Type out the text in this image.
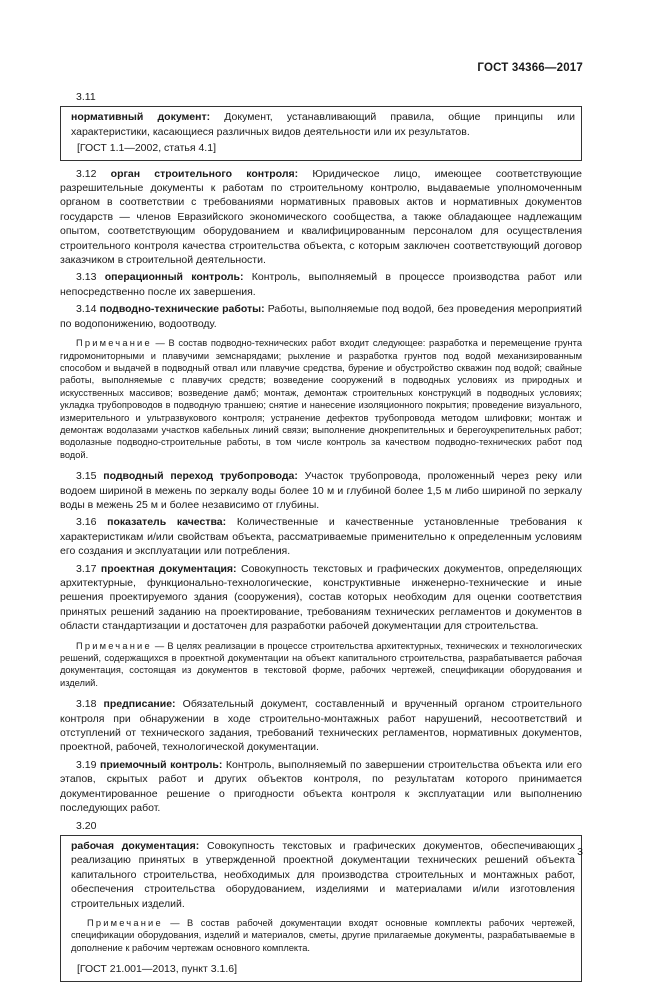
ГОСТ 34366—2017

3.11

нормативный документ: Документ, устанавливающий правила, общие принципы или характеристики, касающиеся различных видов деятельности или их результатов.

[ГОСТ 1.1—2002, статья 4.1]

3.12 орган строительного контроля: Юридическое лицо, имеющее соответствующие разрешительные документы к работам по строительному контролю, выдаваемые уполномоченным органом в соответствии с требованиями нормативных правовых актов и нормативных документов государств — членов Евразийского экономического сообщества, а также обладающее надлежащим опытом, соответствующим оборудованием и квалифицированным персоналом для осуществления строительного контроля качества строительства объекта, с которым заключен соответствующий договор заказчиком в строительной деятельности.

3.13 операционный контроль: Контроль, выполняемый в процессе производства работ или непосредственно после их завершения.

3.14 подводно-технические работы: Работы, выполняемые под водой, без проведения мероприятий по водопонижению, водоотводу.

Примечание — В состав подводно-технических работ входит следующее: разработка и перемещение грунта гидромониторными и плавучими земснарядами; рыхление и разработка грунтов под водой механизированным способом и выдачей в подводный отвал или плавучие средства, бурение и обустройство скважин под водой; свайные работы, выполняемые с плавучих средств; возведение сооружений в подводных условиях из природных и искусственных массивов; возведение дамб; монтаж, демонтаж строительных конструкций в подводных условиях; укладка трубопроводов в подводную траншею; снятие и нанесение изоляционного покрытия; проведение визуального, измерительного и ультразвукового контроля; устранение дефектов трубопровода методом шлифовки; монтаж и демонтаж водолазами участков кабельных линий связи; выполнение днокрепительных и берегоукрепительных работ; водолазные подводно-строительные работы, в том числе контроль за качеством подводно-технических работ под водой.

3.15 подводный переход трубопровода: Участок трубопровода, проложенный через реку или водоем шириной в межень по зеркалу воды более 10 м и глубиной более 1,5 м либо шириной по зеркалу воды в межень 25 м и более независимо от глубины.

3.16 показатель качества: Количественные и качественные установленные требования к характеристикам и/или свойствам объекта, рассматриваемые применительно к определенным условиям его создания и эксплуатации или потребления.

3.17 проектная документация: Совокупность текстовых и графических документов, определяющих архитектурные, функционально-технологические, конструктивные инженерно-технические и иные решения проектируемого здания (сооружения), состав которых необходим для оценки соответствия принятых решений заданию на проектирование, требованиям технических регламентов и документов в области стандартизации и достаточен для разработки рабочей документации для строительства.

Примечание — В целях реализации в процессе строительства архитектурных, технических и технологических решений, содержащихся в проектной документации на объект капитального строительства, разрабатывается рабочая документация, состоящая из документов в текстовой форме, рабочих чертежей, спецификации оборудования и изделий.

3.18 предписание: Обязательный документ, составленный и врученный органом строительного контроля при обнаружении в ходе строительно-монтажных работ нарушений, несоответствий и отступлений от технического задания, требований технических регламентов, нормативных документов, проектной, рабочей, технологической документации.

3.19 приемочный контроль: Контроль, выполняемый по завершении строительства объекта или его этапов, скрытых работ и других объектов контроля, по результатам которого принимается документированное решение о пригодности объекта контроля к эксплуатации или выполнению последующих работ.

3.20

рабочая документация: Совокупность текстовых и графических документов, обеспечивающих реализацию принятых в утвержденной проектной документации технических решений объекта капитального строительства, необходимых для производства строительных и монтажных работ, обеспечения строительства оборудованием, изделиями и материалами и/или изготовления строительных изделий.

Примечание — В состав рабочей документации входят основные комплекты рабочих чертежей, спецификации оборудования, изделий и материалов, сметы, другие прилагаемые документы, разрабатываемые в дополнение к рабочим чертежам основного комплекта.

[ГОСТ 21.001—2013, пункт 3.1.6]

3
